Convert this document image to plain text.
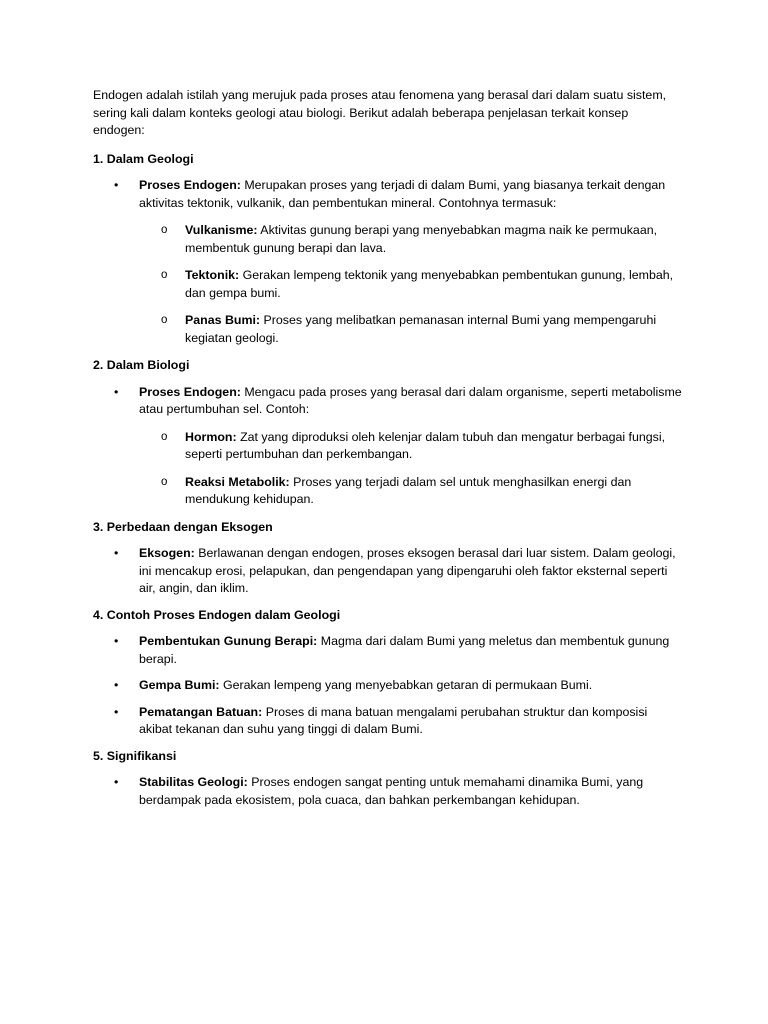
Endogen adalah istilah yang merujuk pada proses atau fenomena yang berasal dari dalam suatu sistem, sering kali dalam konteks geologi atau biologi. Berikut adalah beberapa penjelasan terkait konsep endogen:

1. Dalam Geologi

• Proses Endogen: Merupakan proses yang terjadi di dalam Bumi, yang biasanya terkait dengan aktivitas tektonik, vulkanik, dan pembentukan mineral. Contohnya termasuk:
o Vulkanisme: Aktivitas gunung berapi yang menyebabkan magma naik ke permukaan, membentuk gunung berapi dan lava.
o Tektonik: Gerakan lempeng tektonik yang menyebabkan pembentukan gunung, lembah, dan gempa bumi.
o Panas Bumi: Proses yang melibatkan pemanasan internal Bumi yang mempengaruhi kegiatan geologi.

2. Dalam Biologi

• Proses Endogen: Mengacu pada proses yang berasal dari dalam organisme, seperti metabolisme atau pertumbuhan sel. Contoh:
o Hormon: Zat yang diproduksi oleh kelenjar dalam tubuh dan mengatur berbagai fungsi, seperti pertumbuhan dan perkembangan.
o Reaksi Metabolik: Proses yang terjadi dalam sel untuk menghasilkan energi dan mendukung kehidupan.

3. Perbedaan dengan Eksogen

• Eksogen: Berlawanan dengan endogen, proses eksogen berasal dari luar sistem. Dalam geologi, ini mencakup erosi, pelapukan, dan pengendapan yang dipengaruhi oleh faktor eksternal seperti air, angin, dan iklim.

4. Contoh Proses Endogen dalam Geologi

• Pembentukan Gunung Berapi: Magma dari dalam Bumi yang meletus dan membentuk gunung berapi.
• Gempa Bumi: Gerakan lempeng yang menyebabkan getaran di permukaan Bumi.
• Pematangan Batuan: Proses di mana batuan mengalami perubahan struktur dan komposisi akibat tekanan dan suhu yang tinggi di dalam Bumi.

5. Signifikansi

• Stabilitas Geologi: Proses endogen sangat penting untuk memahami dinamika Bumi, yang berdampak pada ekosistem, pola cuaca, dan bahkan perkembangan kehidupan.
